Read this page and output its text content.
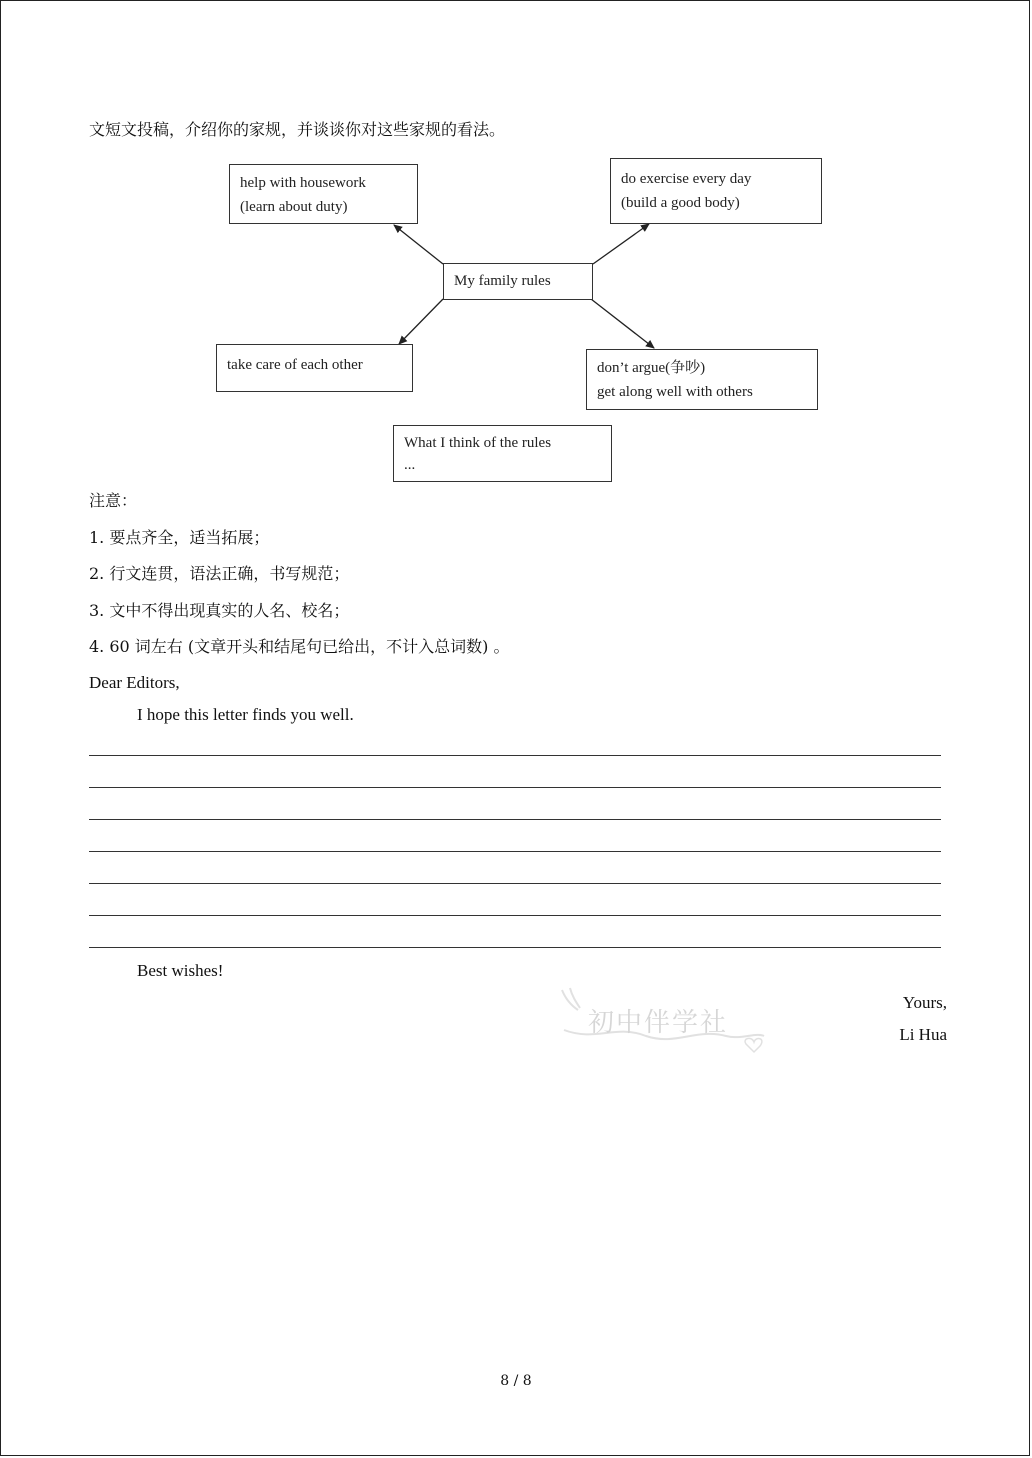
文短文投稿，介绍你的家规，并谈谈你对这些家规的看法。
help with housework
(learn about duty)
do exercise every day
(build a good body)
My family rules
take care of each other	don’t argue(争吵)
get along well with others
What I think of the rules
...
注意：
1. 要点齐全，适当拓展；
2. 行文连贯，语法正确，书写规范；
3. 文中不得出现真实的人名、校名；
4. 60 词左右 (文章开头和结尾句已给出，不计入总词数) 。
Dear Editors,
I hope this letter finds you well.
Best wishes!
Yours,
Li Hua
初中伴学社
8 / 8
